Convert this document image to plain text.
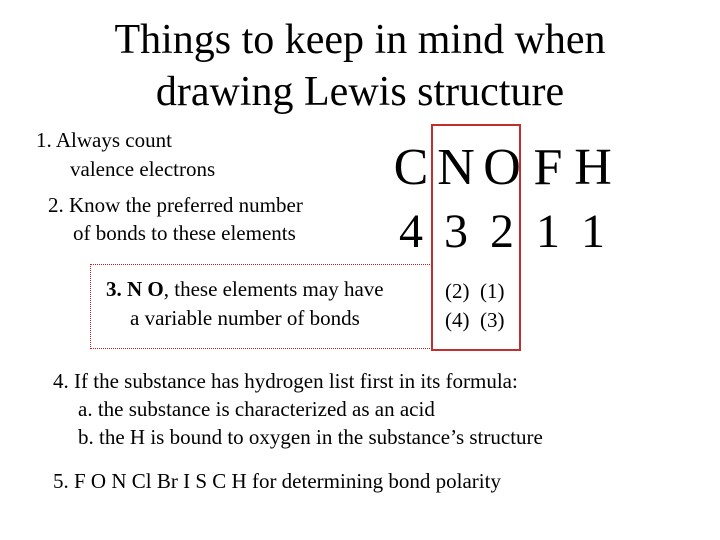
Things to keep in mind when
drawing Lewis structure
1. Always count
valence electrons
2. Know the preferred number
of bonds to these elements
C N O F H
4 3 2 1 1
3. N O, these elements may have
a variable number of bonds
(2) (1)
(4) (3)
4. If the substance has hydrogen list first in its formula:
a. the substance is characterized as an acid
b. the H is bound to oxygen in the substance’s structure
5. F O N Cl Br I S C H for determining bond polarity
